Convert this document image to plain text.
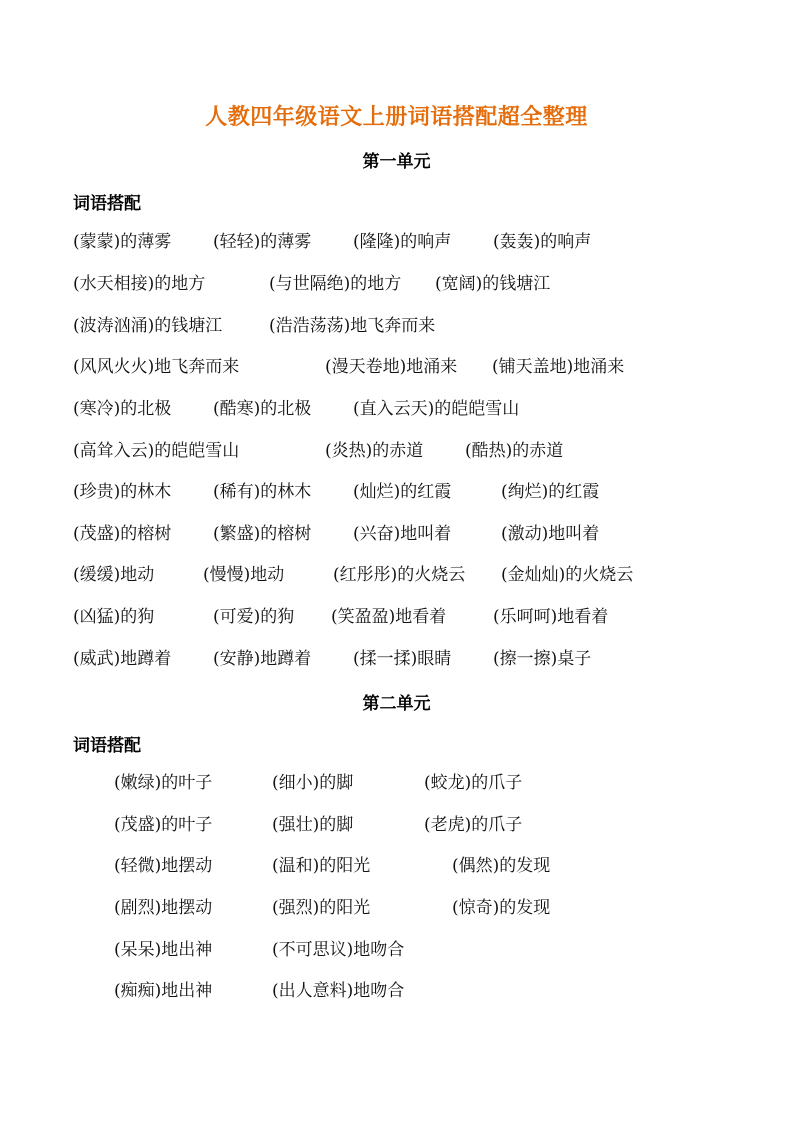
人教四年级语文上册词语搭配超全整理
第一单元
词语搭配
(蒙蒙)的薄雾 (轻轻)的薄雾 (隆隆)的响声 (轰轰)的响声
(水天相接)的地方	(与世隔绝)的地方 (宽阔)的钱塘江
(波涛汹涌)的钱塘江	(浩浩荡荡)地飞奔而来
(风风火火)地飞奔而来	(漫天卷地)地涌来 (铺天盖地)地涌来
(寒冷)的北极 (酷寒)的北极 (直入云天)的皑皑雪山
(高耸入云)的皑皑雪山	(炎热)的赤道 (酷热)的赤道
(珍贵)的林木 (稀有)的林木 (灿烂)的红霞	(绚烂)的红霞
(茂盛)的榕树 (繁盛)的榕树 (兴奋)地叫着	(激动)地叫着
(缓缓)地动	(慢慢)地动	(红彤彤)的火烧云 (金灿灿)的火烧云
(凶猛)的狗	(可爱)的狗 (笑盈盈)地看着	(乐呵呵)地看着
(威武)地蹲着 (安静)地蹲着 (揉一揉)眼睛 (擦一擦)桌子
第二单元
词语搭配
(嫩绿)的叶子	(细小)的脚	(蛟龙)的爪子
(茂盛)的叶子	(强壮)的脚	(老虎)的爪子
(轻微)地摆动	(温和)的阳光	(偶然)的发现
(剧烈)地摆动	(强烈)的阳光	(惊奇)的发现
(呆呆)地出神	(不可思议)地吻合
(痴痴)地出神	(出人意料)地吻合
